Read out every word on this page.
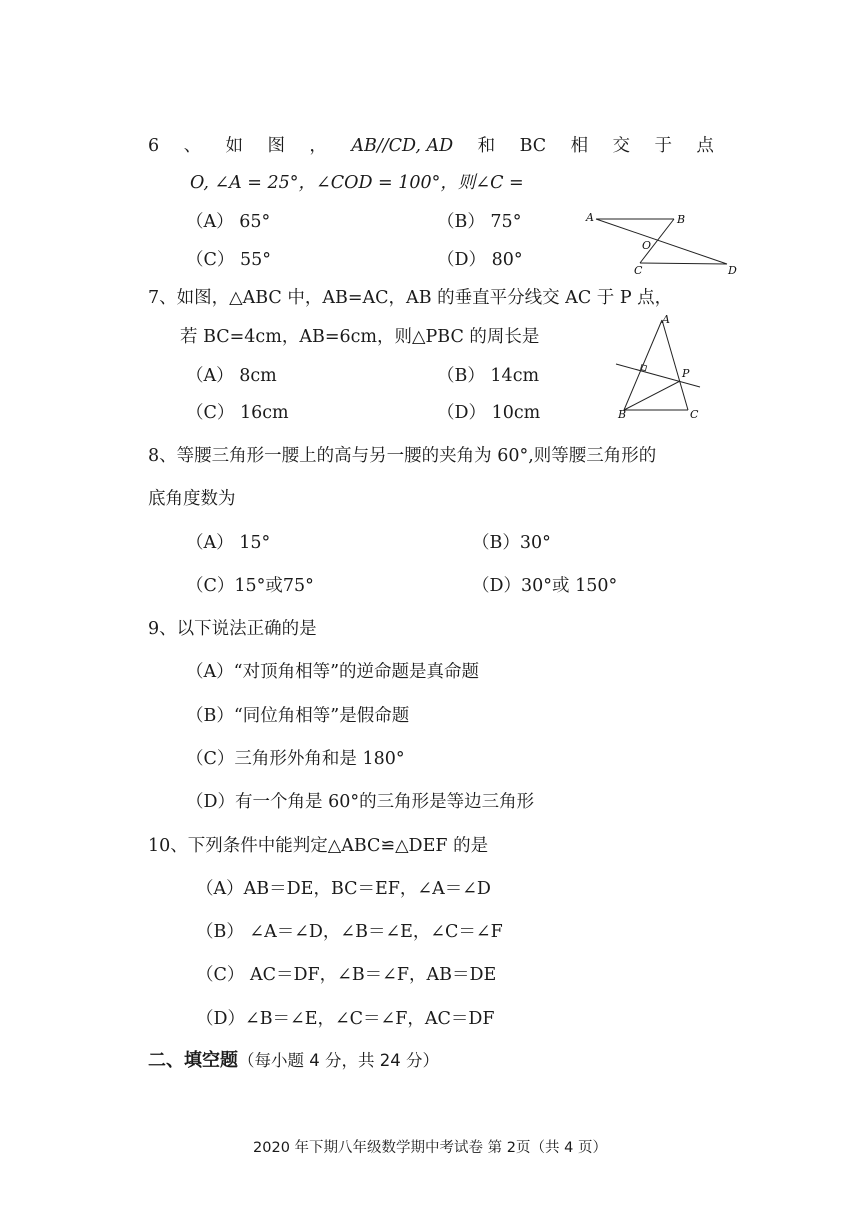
6 、 如 图 ， AB//CD, AD 和 BC 相 交 于 点
O, ∠A = 25°，∠COD = 100°，则∠C =
（A） 65°	（B） 75°
（C） 55°	（D） 80°
A	B
O
C	D
7、如图，△ABC 中，AB=AC，AB 的垂直平分线交 AC 于 P 点，
若 BC=4cm，AB=6cm，则△PBC 的周长是
（A） 8cm	（B） 14cm
（C） 16cm	（D） 10cm
A
P
B	C
8、等腰三角形一腰上的高与另一腰的夹角为 60°,则等腰三角形的
底角度数为
（A） 15°	（B）30°
（C）15°或75°	（D）30°或 150°
9、以下说法正确的是
（A）“对顶角相等”的逆命题是真命题
（B）“同位角相等”是假命题
（C）三角形外角和是 180°
（D）有一个角是 60°的三角形是等边三角形
10、下列条件中能判定△ABC≌△DEF 的是
（A）AB＝DE，BC＝EF，∠A＝∠D
（B） ∠A＝∠D，∠B＝∠E，∠C＝∠F
（C） AC＝DF，∠B＝∠F，AB＝DE
（D）∠B＝∠E，∠C＝∠F，AC＝DF
二、填空题（每小题 4 分，共 24 分）
2020 年下期八年级数学期中考试卷 第 2页（共 4 页）
